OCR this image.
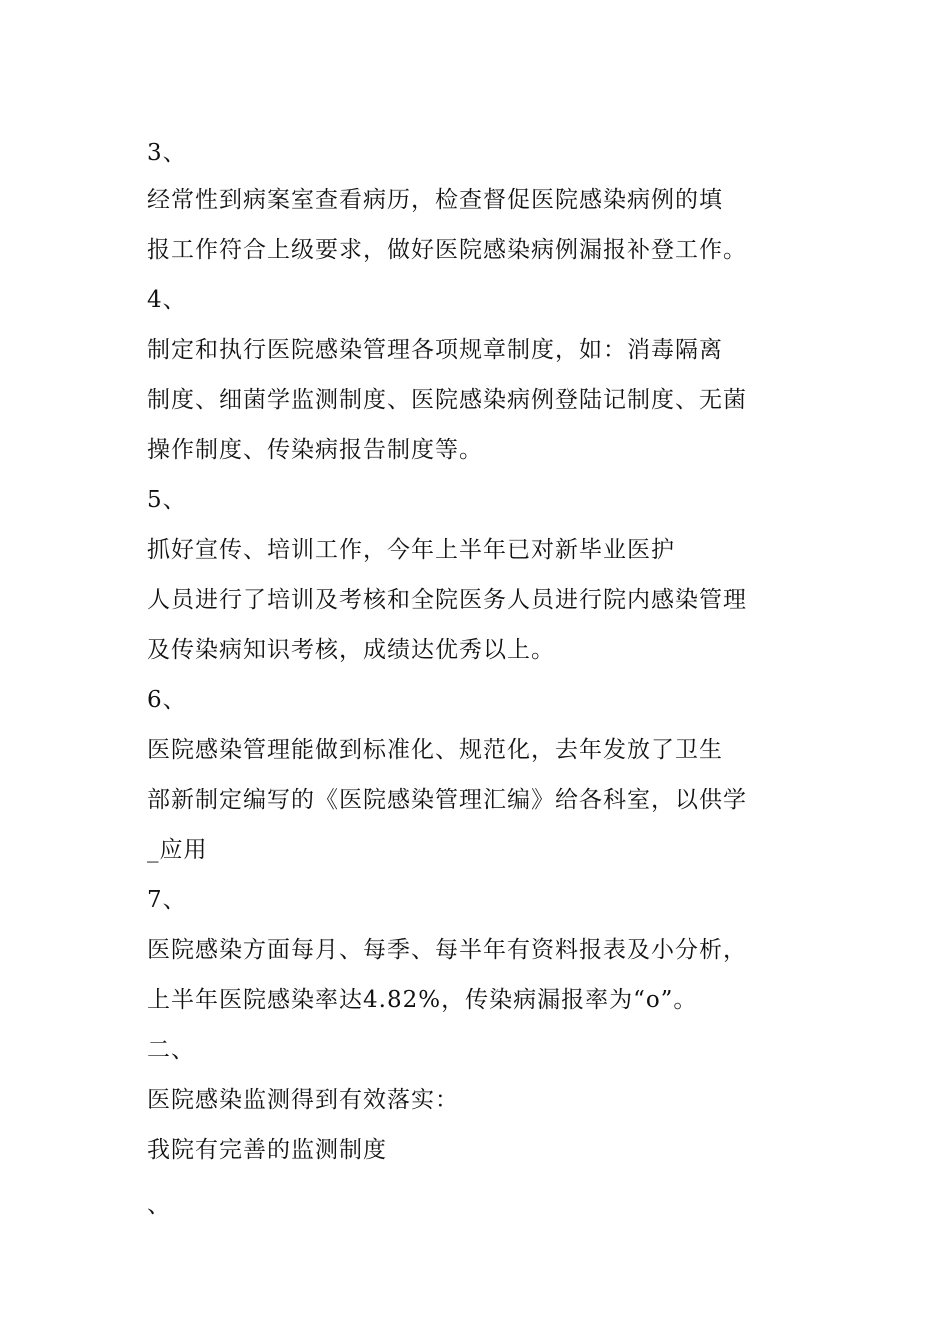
3、
经常性到病案室查看病历，检查督促医院感染病例的填
报工作符合上级要求，做好医院感染病例漏报补登工作。
4、
制定和执行医院感染管理各项规章制度，如：消毒隔离
制度、细菌学监测制度、医院感染病例登陆记制度、无菌
操作制度、传染病报告制度等。
5、
抓好宣传、培训工作，今年上半年已对新毕业医护
人员进行了培训及考核和全院医务人员进行院内感染管理
及传染病知识考核，成绩达优秀以上。
6、
医院感染管理能做到标准化、规范化，去年发放了卫生
部新制定编写的《医院感染管理汇编》给各科室，以供学
_应用
7、
医院感染方面每月、每季、每半年有资料报表及小分析，
上半年医院感染率达4.82%，传染病漏报率为“o”。
二、
医院感染监测得到有效落实：
我院有完善的监测制度
、
